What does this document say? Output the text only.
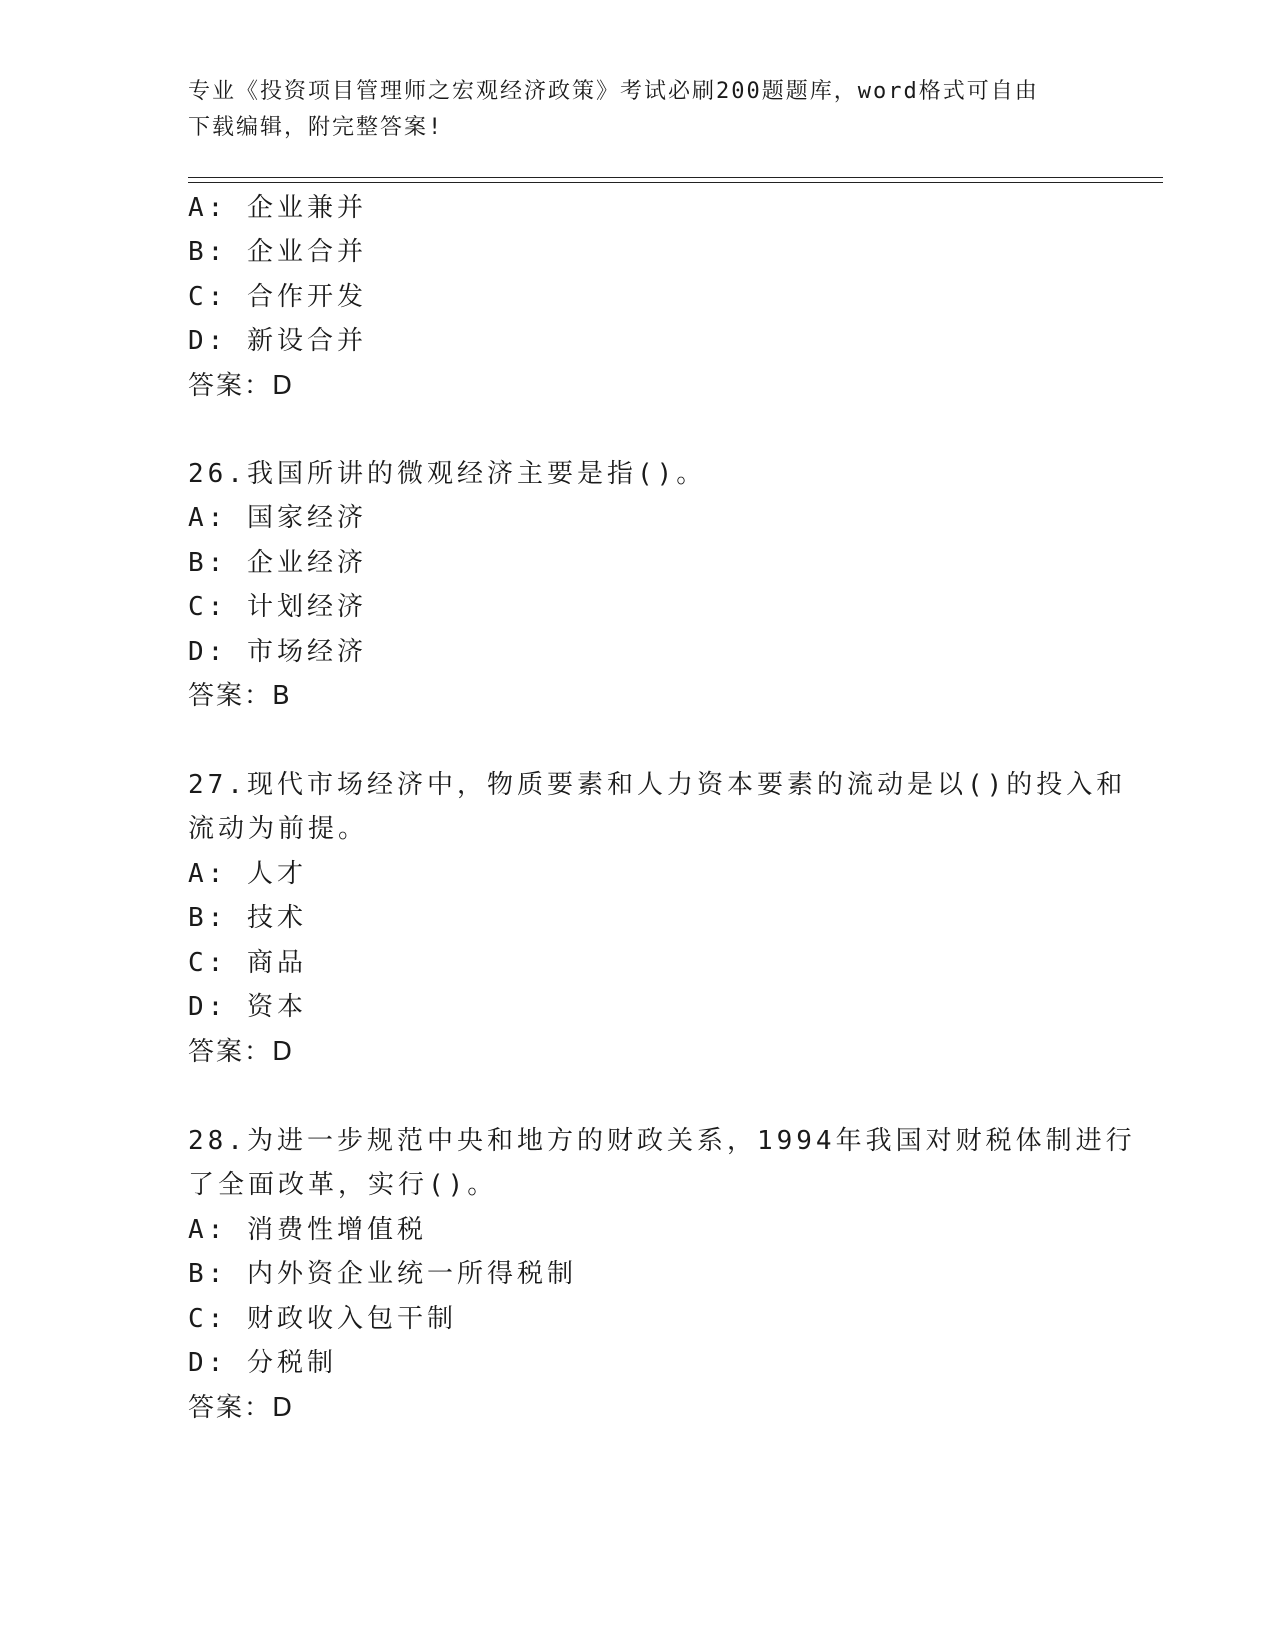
专业《投资项目管理师之宏观经济政策》考试必刷200题题库，word格式可自由
下载编辑，附完整答案!
A: 企业兼并
B: 企业合并
C: 合作开发
D: 新设合并
答案：D
26.我国所讲的微观经济主要是指()。
A: 国家经济
B: 企业经济
C: 计划经济
D: 市场经济
答案：B
27.现代市场经济中，物质要素和人力资本要素的流动是以()的投入和
流动为前提。
A: 人才
B: 技术
C: 商品
D: 资本
答案：D
28.为进一步规范中央和地方的财政关系，1994年我国对财税体制进行
了全面改革，实行()。
A: 消费性增值税
B: 内外资企业统一所得税制
C: 财政收入包干制
D: 分税制
答案：D
